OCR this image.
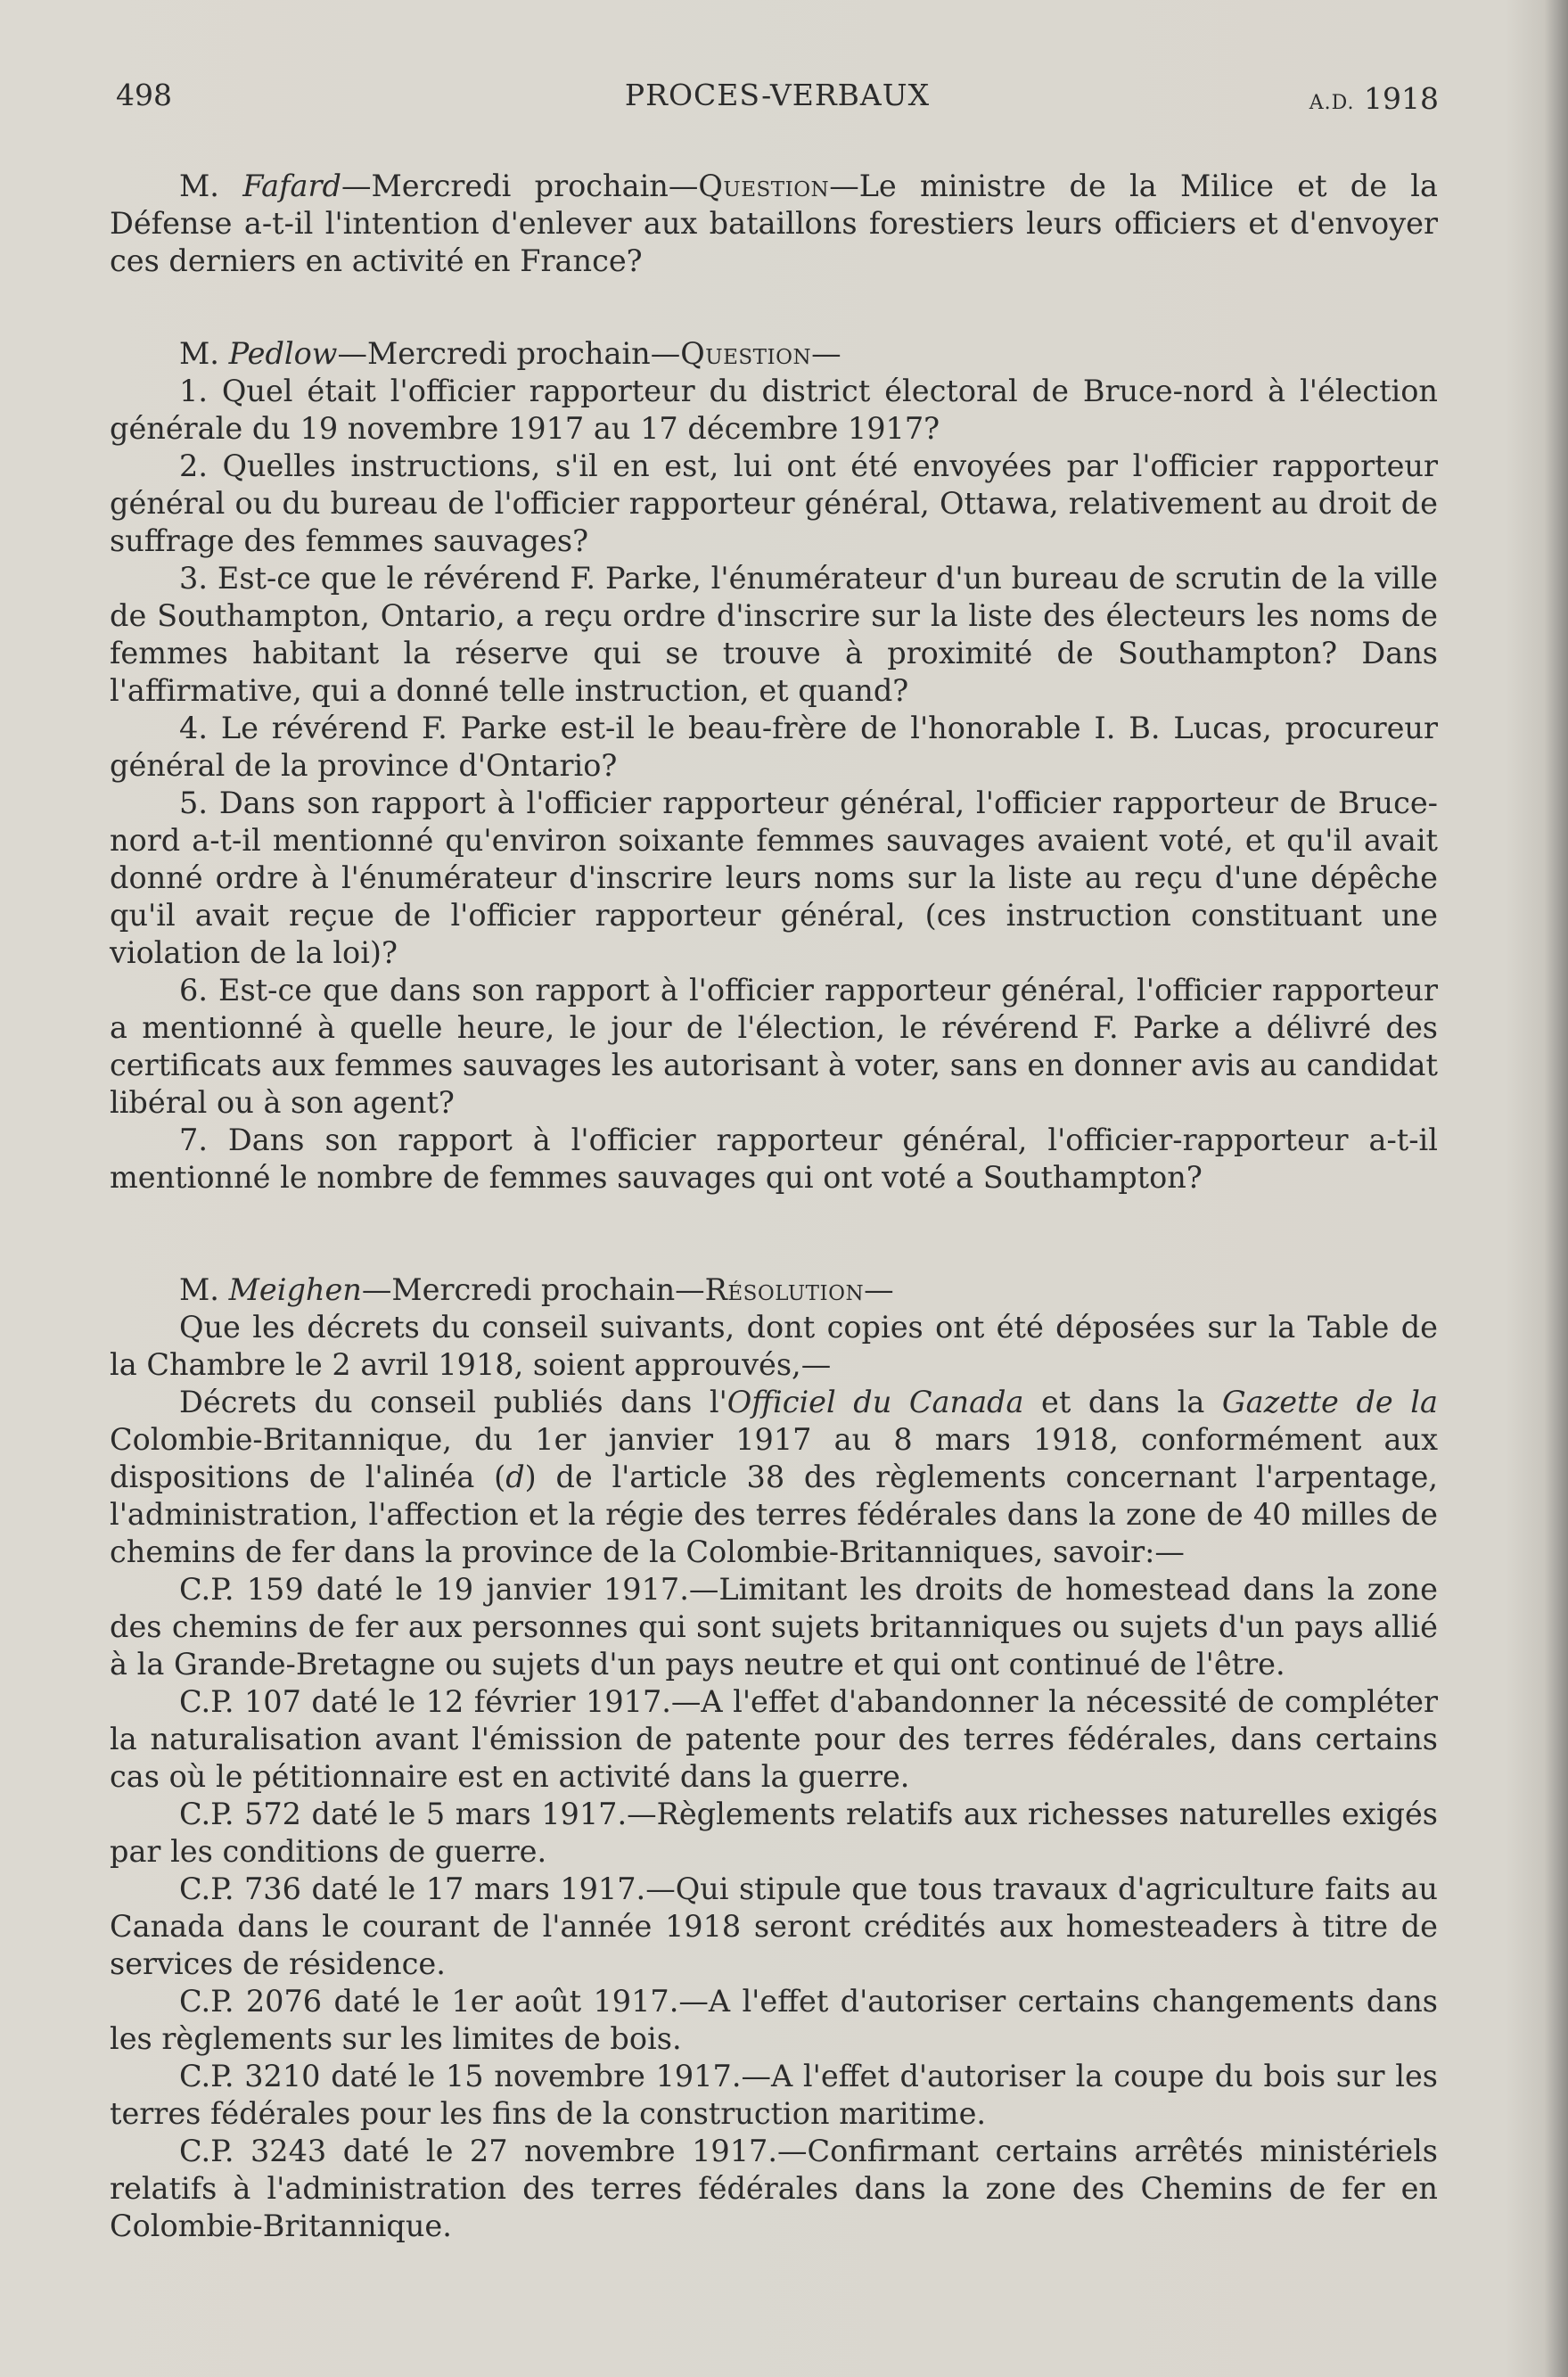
498	PROCES-VERBAUX	A.D. 1918

M. Fafard—Mercredi prochain—Question—Le ministre de la Milice et de la Défense a-t-il l'intention d'enlever aux bataillons forestiers leurs officiers et d'envoyer ces derniers en activité en France?

M. Pedlow—Mercredi prochain—Question—

1. Quel était l'officier rapporteur du district électoral de Bruce-nord à l'élection générale du 19 novembre 1917 au 17 décembre 1917?

2. Quelles instructions, s'il en est, lui ont été envoyées par l'officier rapporteur général ou du bureau de l'officier rapporteur général, Ottawa, relativement au droit de suffrage des femmes sauvages?

3. Est-ce que le révérend F. Parke, l'énumérateur d'un bureau de scrutin de la ville de Southampton, Ontario, a reçu ordre d'inscrire sur la liste des électeurs les noms de femmes habitant la réserve qui se trouve à proximité de Southampton? Dans l'affirmative, qui a donné telle instruction, et quand?

4. Le révérend F. Parke est-il le beau-frère de l'honorable I. B. Lucas, procureur général de la province d'Ontario?

5. Dans son rapport à l'officier rapporteur général, l'officier rapporteur de Bruce-nord a-t-il mentionné qu'environ soixante femmes sauvages avaient voté, et qu'il avait donné ordre à l'énumérateur d'inscrire leurs noms sur la liste au reçu d'une dépêche qu'il avait reçue de l'officier rapporteur général, (ces instruction constituant une violation de la loi)?

6. Est-ce que dans son rapport à l'officier rapporteur général, l'officier rapporteur a mentionné à quelle heure, le jour de l'élection, le révérend F. Parke a délivré des certificats aux femmes sauvages les autorisant à voter, sans en donner avis au candidat libéral ou à son agent?

7. Dans son rapport à l'officier rapporteur général, l'officier-rapporteur a-t-il mentionné le nombre de femmes sauvages qui ont voté a Southampton?

M. Meighen—Mercredi prochain—Résolution—

Que les décrets du conseil suivants, dont copies ont été déposées sur la Table de la Chambre le 2 avril 1918, soient approuvés,—

Décrets du conseil publiés dans l'Officiel du Canada et dans la Gazette de la Colombie-Britannique, du 1er janvier 1917 au 8 mars 1918, conformément aux dispositions de l'alinéa (d) de l'article 38 des règlements concernant l'arpentage, l'administration, l'affection et la régie des terres fédérales dans la zone de 40 milles de chemins de fer dans la province de la Colombie-Britanniques, savoir:—

C.P. 159 daté le 19 janvier 1917.—Limitant les droits de homestead dans la zone des chemins de fer aux personnes qui sont sujets britanniques ou sujets d'un pays allié à la Grande-Bretagne ou sujets d'un pays neutre et qui ont continué de l'être.

C.P. 107 daté le 12 février 1917.—A l'effet d'abandonner la nécessité de compléter la naturalisation avant l'émission de patente pour des terres fédérales, dans certains cas où le pétitionnaire est en activité dans la guerre.

C.P. 572 daté le 5 mars 1917.—Règlements relatifs aux richesses naturelles exigés par les conditions de guerre.

C.P. 736 daté le 17 mars 1917.—Qui stipule que tous travaux d'agriculture faits au Canada dans le courant de l'année 1918 seront crédités aux homesteaders à titre de services de résidence.

C.P. 2076 daté le 1er août 1917.—A l'effet d'autoriser certains changements dans les règlements sur les limites de bois.

C.P. 3210 daté le 15 novembre 1917.—A l'effet d'autoriser la coupe du bois sur les terres fédérales pour les fins de la construction maritime.

C.P. 3243 daté le 27 novembre 1917.—Confirmant certains arrêtés ministériels relatifs à l'administration des terres fédérales dans la zone des Chemins de fer en Colombie-Britannique.
